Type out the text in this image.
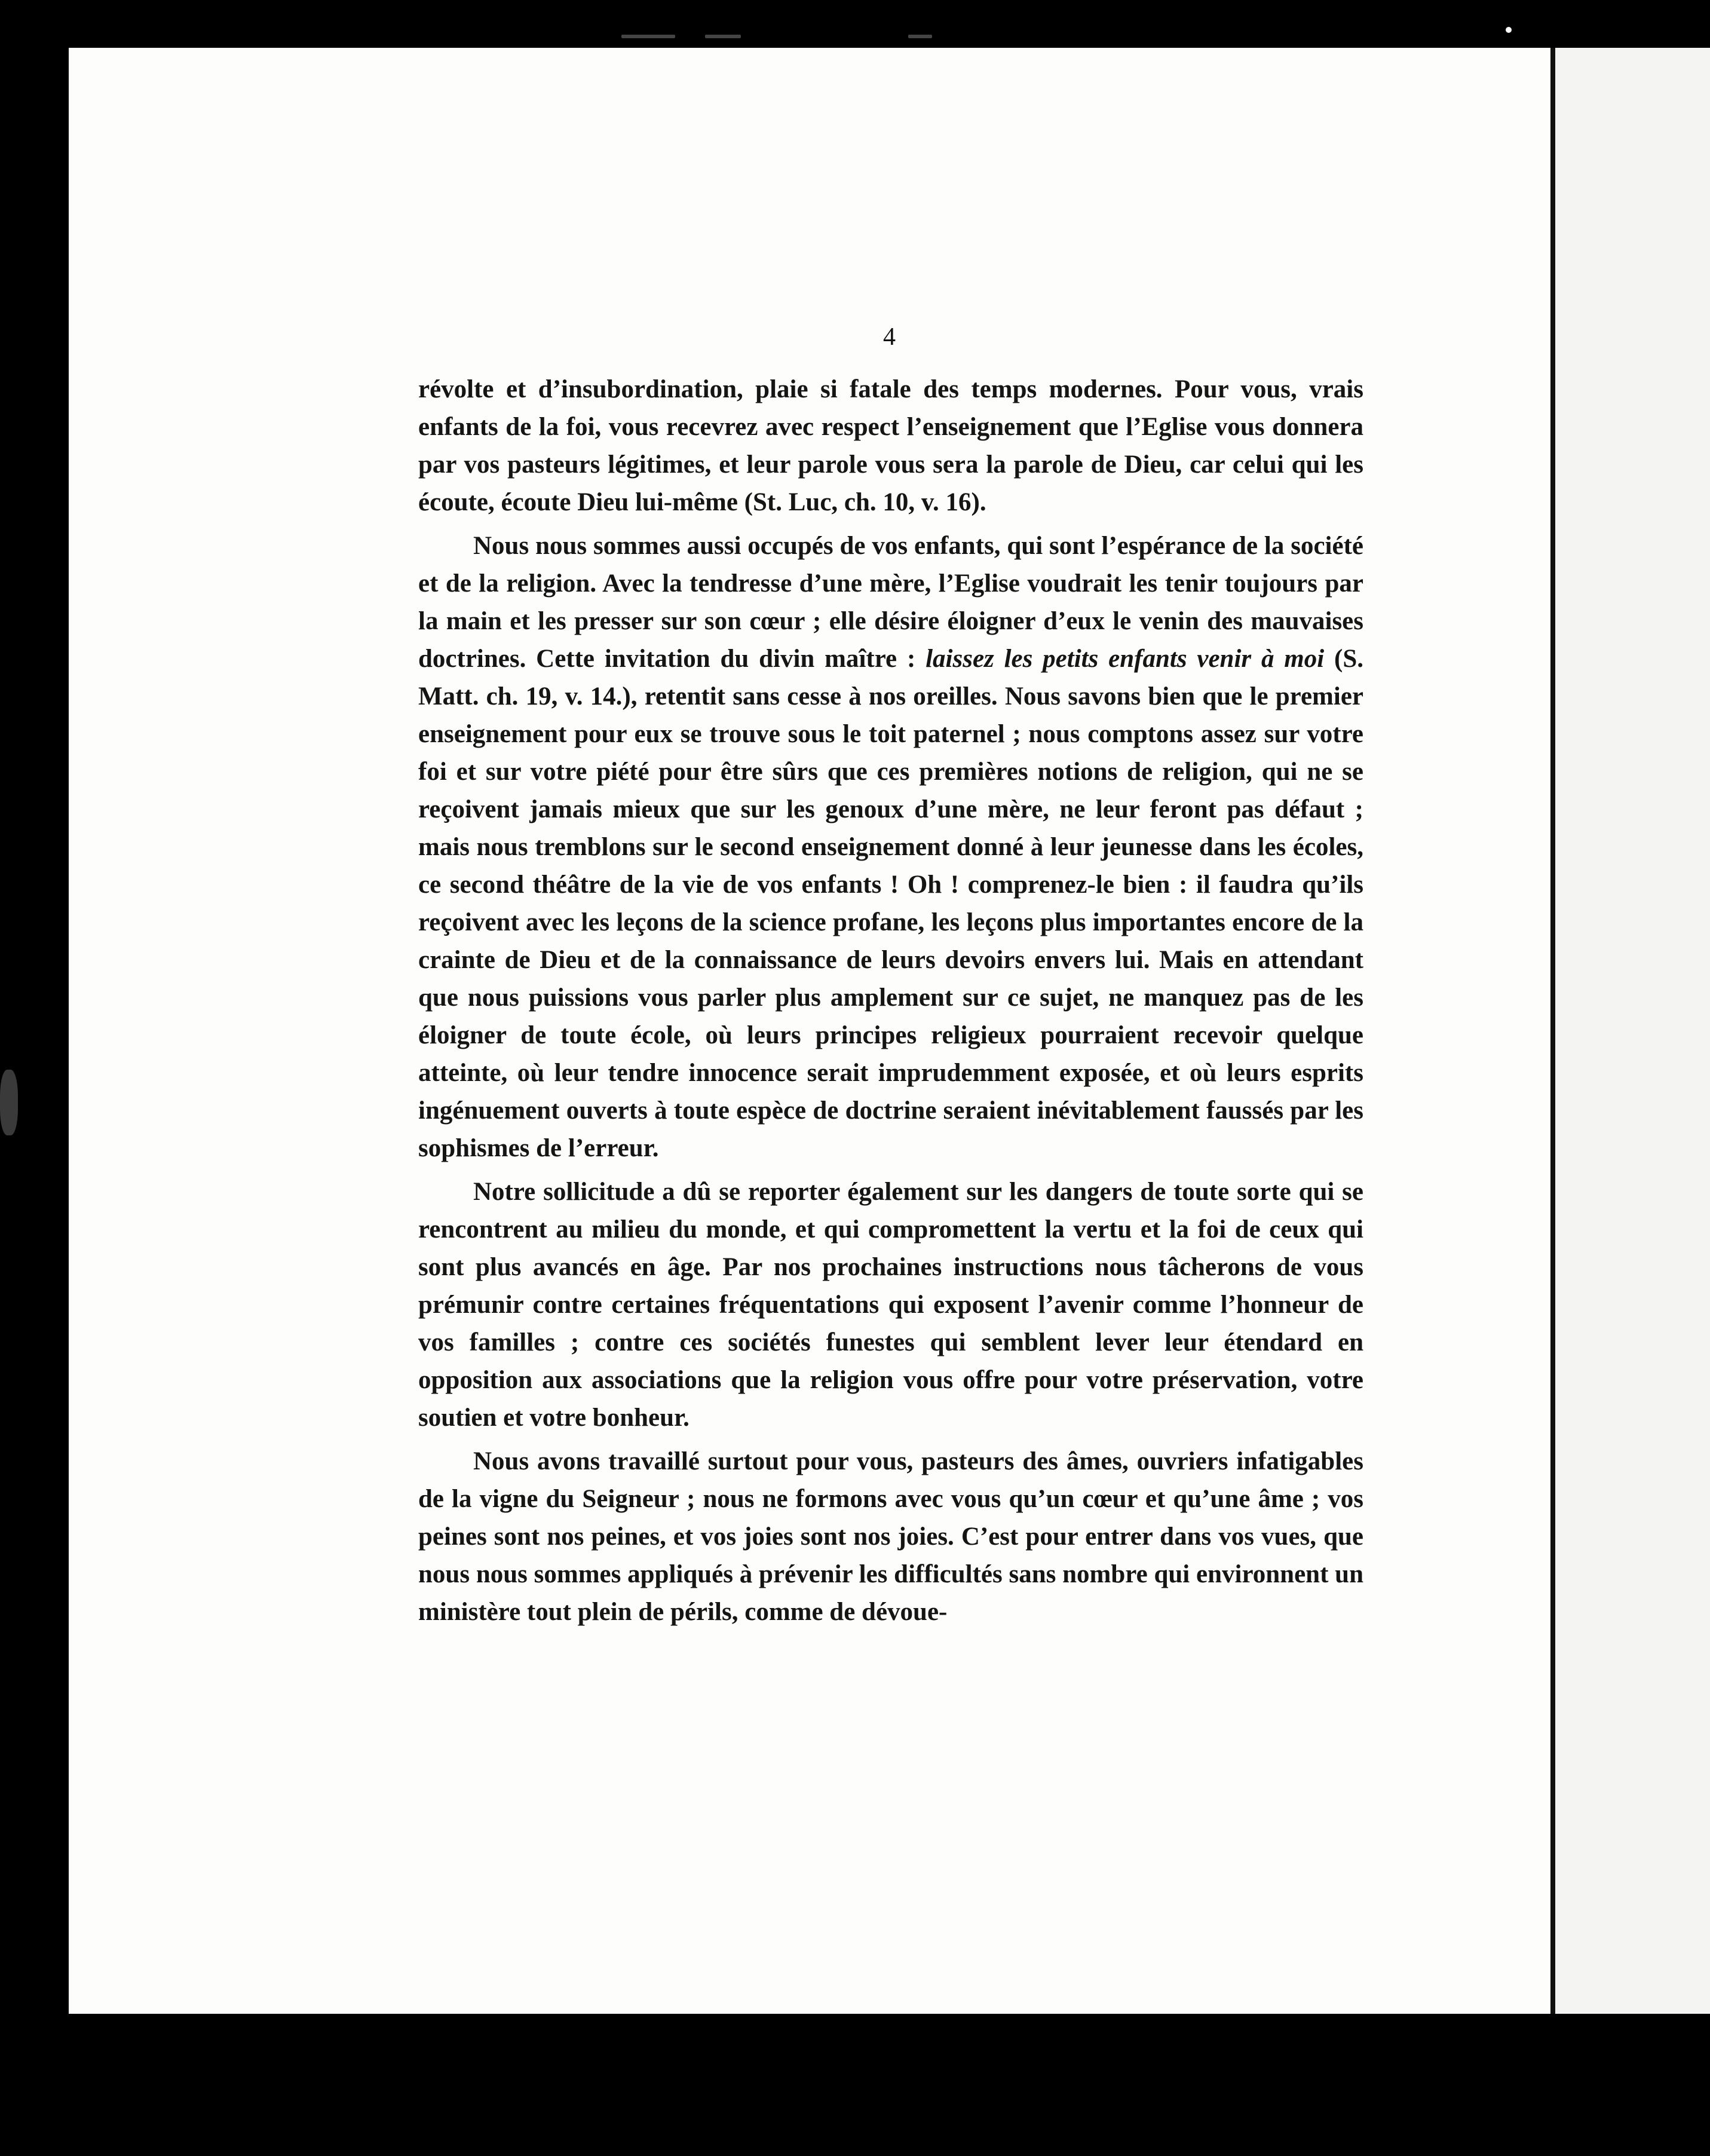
4

révolte et d’insubordination, plaie si fatale des temps modernes. Pour vous, vrais enfants de la foi, vous recevrez avec respect l’enseignement que l’Eglise vous donnera par vos pasteurs légitimes, et leur parole vous sera la parole de Dieu, car celui qui les écoute, écoute Dieu lui-même (St. Luc, ch. 10, v. 16).

Nous nous sommes aussi occupés de vos enfants, qui sont l’espérance de la société et de la religion. Avec la tendresse d’une mère, l’Eglise voudrait les tenir toujours par la main et les presser sur son cœur ; elle désire éloigner d’eux le venin des mauvaises doctrines. Cette invitation du divin maître : laissez les petits enfants venir à moi (S. Matt. ch. 19, v. 14.), retentit sans cesse à nos oreilles. Nous savons bien que le premier enseignement pour eux se trouve sous le toit paternel ; nous comptons assez sur votre foi et sur votre piété pour être sûrs que ces premières notions de religion, qui ne se reçoivent jamais mieux que sur les genoux d’une mère, ne leur feront pas défaut ; mais nous tremblons sur le second enseignement donné à leur jeunesse dans les écoles, ce second théâtre de la vie de vos enfants ! Oh ! comprenez-le bien : il faudra qu’ils reçoivent avec les leçons de la science profane, les leçons plus importantes encore de la crainte de Dieu et de la connaissance de leurs devoirs envers lui. Mais en attendant que nous puissions vous parler plus amplement sur ce sujet, ne manquez pas de les éloigner de toute école, où leurs principes religieux pourraient recevoir quelque atteinte, où leur tendre innocence serait imprudemment exposée, et où leurs esprits ingénuement ouverts à toute espèce de doctrine seraient inévitablement faussés par les sophismes de l’erreur.

Notre sollicitude a dû se reporter également sur les dangers de toute sorte qui se rencontrent au milieu du monde, et qui compromettent la vertu et la foi de ceux qui sont plus avancés en âge. Par nos prochaines instructions nous tâcherons de vous prémunir contre certaines fréquentations qui exposent l’avenir comme l’honneur de vos familles ; contre ces sociétés funestes qui semblent lever leur étendard en opposition aux associations que la religion vous offre pour votre préservation, votre soutien et votre bonheur.

Nous avons travaillé surtout pour vous, pasteurs des âmes, ouvriers infatigables de la vigne du Seigneur ; nous ne formons avec vous qu’un cœur et qu’une âme ; vos peines sont nos peines, et vos joies sont nos joies. C’est pour entrer dans vos vues, que nous nous sommes appliqués à prévenir les difficultés sans nombre qui environnent un ministère tout plein de périls, comme de dévoue-
